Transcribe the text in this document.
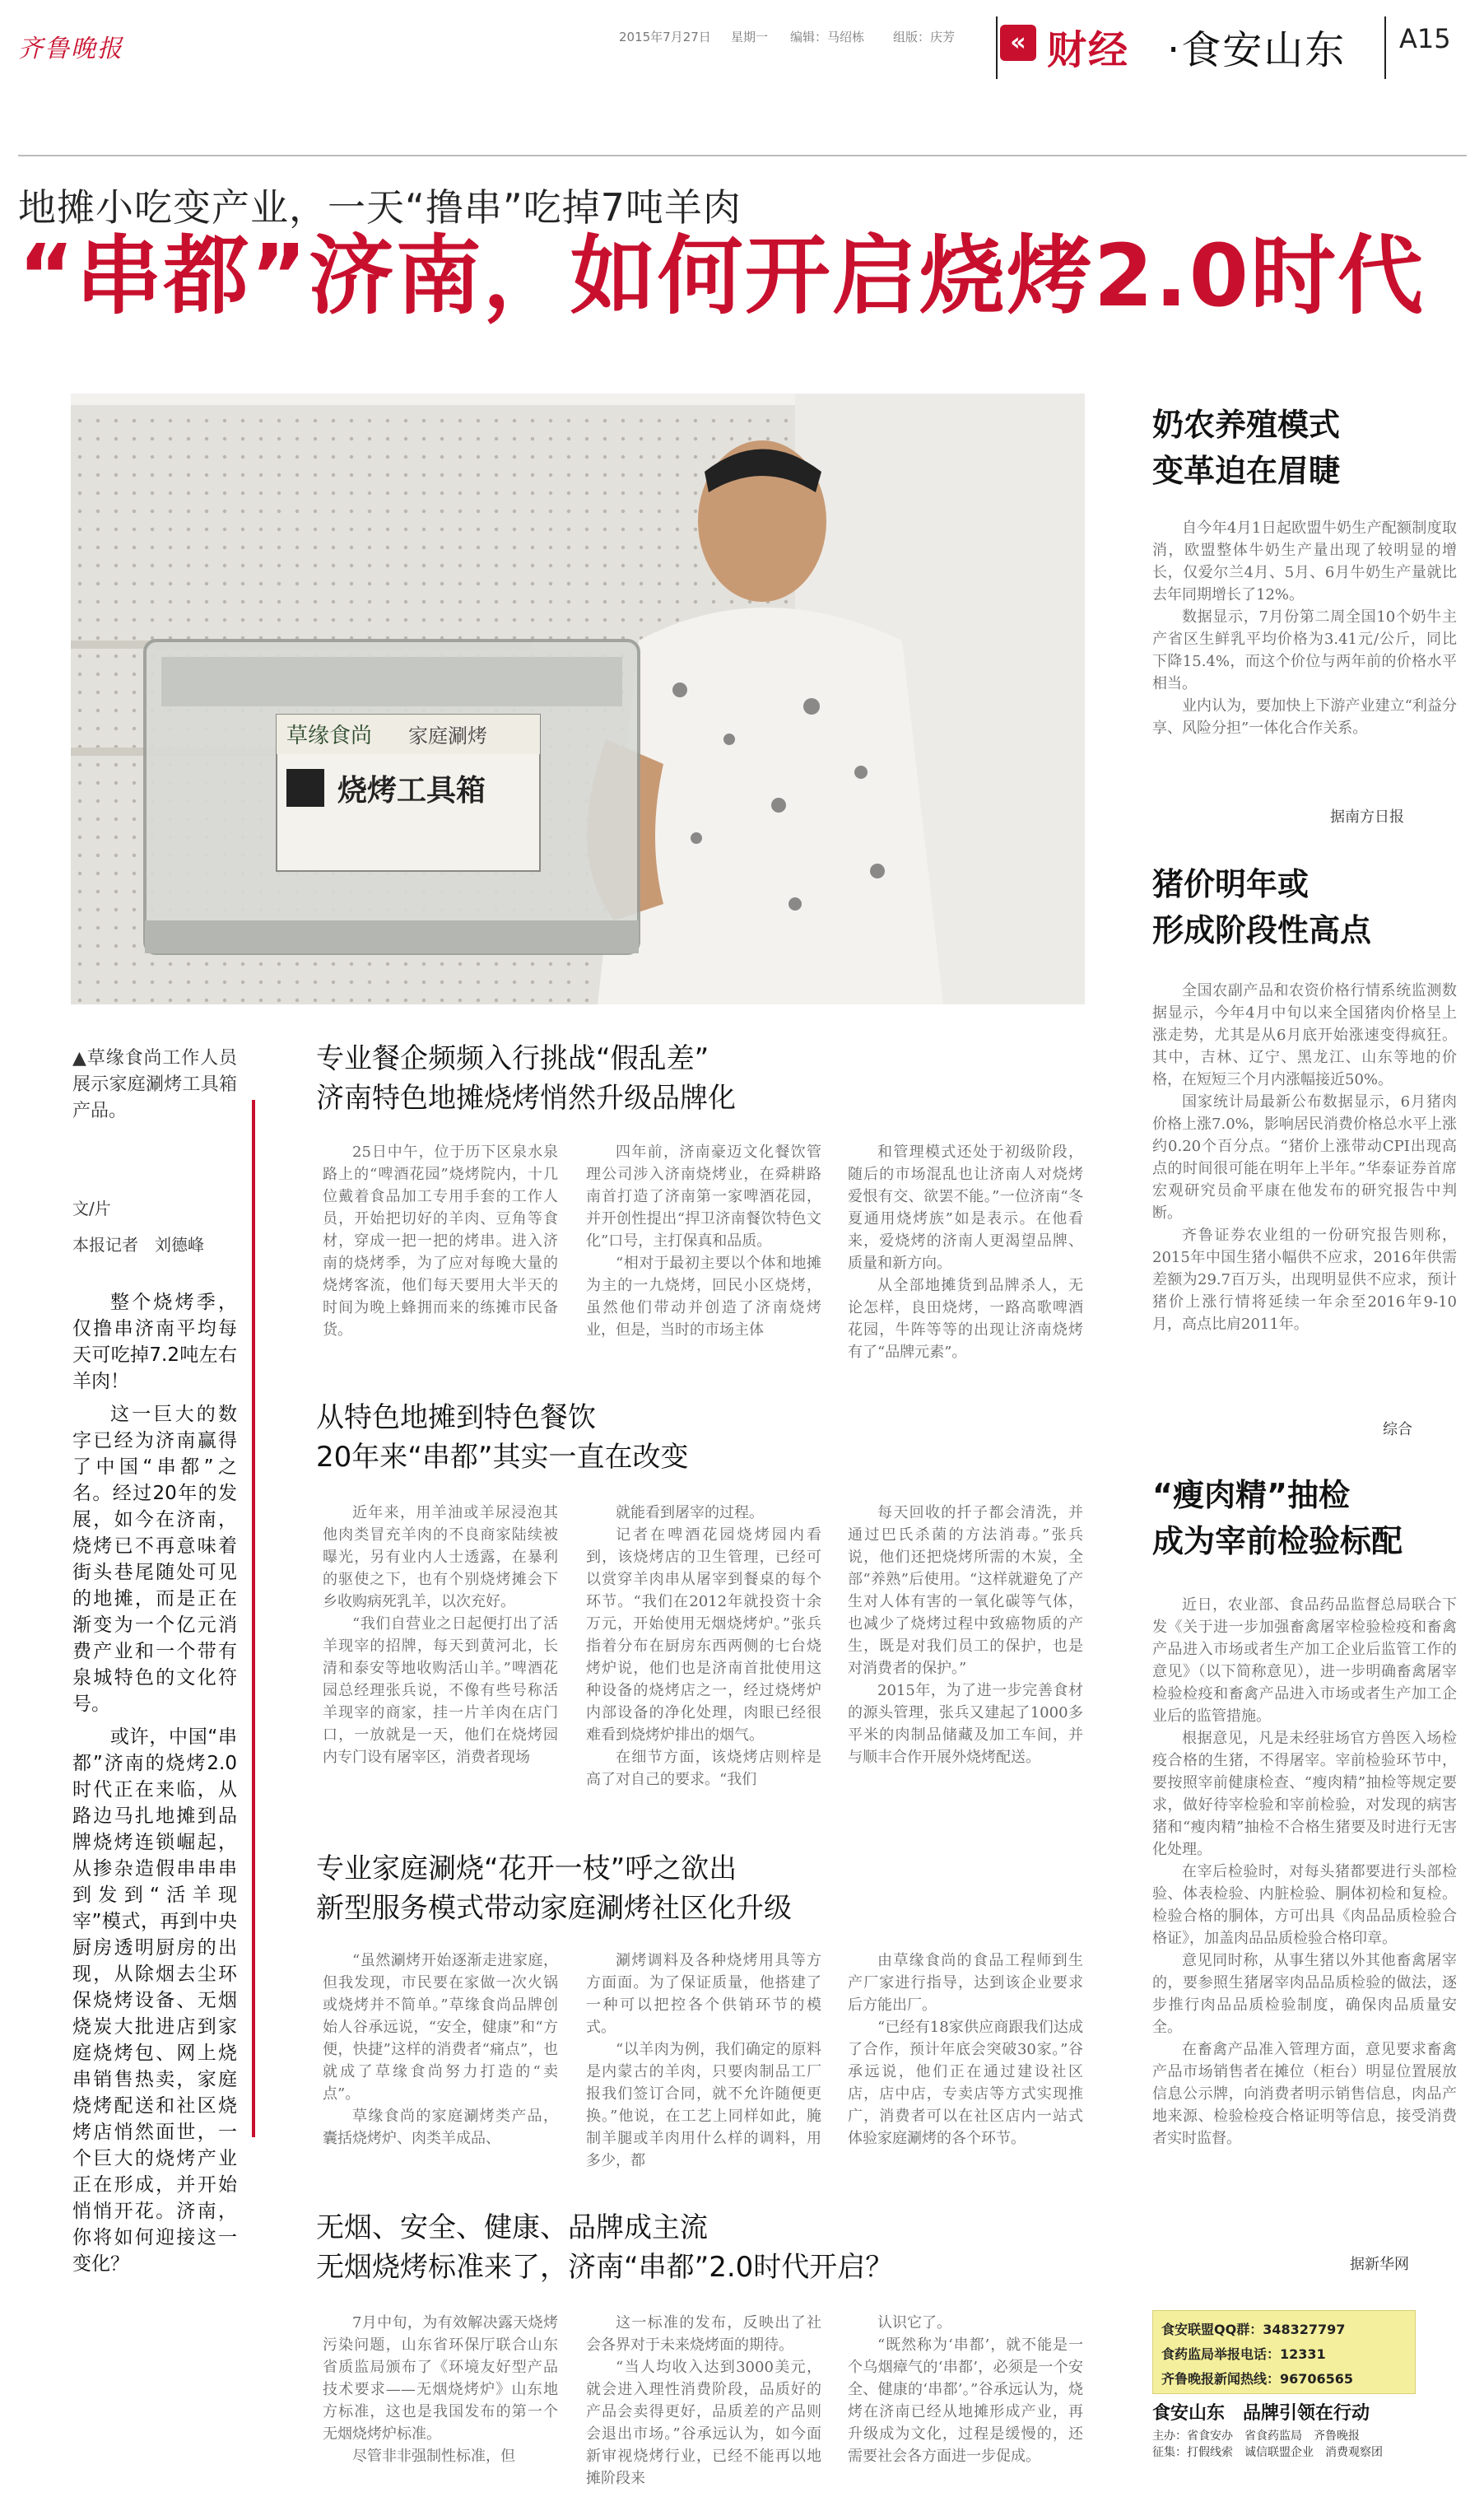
齐鲁晚报	2015年7月27日 星期一 编辑：马绍栋 组版：庆芳	« 财经 ·食安山东 A15
地摊小吃变产业，一天“撸串”吃掉7吨羊肉
“串都”济南，如何开启烧烤2.0时代
草缘食尚 家庭涮烤
烧烤工具箱
▲草缘食尚工作人员展示家庭涮烤工具箱产品。
文/片
本报记者　刘德峰

整个烧烤季，仅撸串济南平均每天可吃掉7.2吨左右羊肉！

这一巨大的数字已经为济南赢得了中国“串都”之名。经过20年的发展，如今在济南，烧烤已不再意味着街头巷尾随处可见的地摊，而是正在渐变为一个亿元消费产业和一个带有泉城特色的文化符号。

或许，中国“串都”济南的烧烤2.0时代正在来临，从路边马扎地摊到品牌烧烤连锁崛起，从掺杂造假串串串到发到“活羊现宰”模式，再到中央厨房透明厨房的出现，从除烟去尘环保烧烤设备、无烟烧炭大批进店到家庭烧烤包、网上烧串销售热卖，家庭烧烤配送和社区烧烤店悄然面世，一个巨大的烧烤产业正在形成，并开始悄悄开花。济南，你将如何迎接这一变化？

专业餐企频频入行挑战“假乱差”
济南特色地摊烧烤悄然升级品牌化

25日中午，位于历下区泉水泉路上的“啤酒花园”烧烤院内，十几位戴着食品加工专用手套的工作人员，开始把切好的羊肉、豆角等食材，穿成一把一把的烤串。进入济南的烧烤季，为了应对每晚大量的烧烤客流，他们每天要用大半天的时间为晚上蜂拥而来的练摊市民备货。

四年前，济南豪迈文化餐饮管理公司涉入济南烧烤业，在舜耕路南首打造了济南第一家啤酒花园，并开创性提出“捍卫济南餐饮特色文化”口号，主打保真和品质。

“相对于最初主要以个体和地摊为主的一九烧烤，回民小区烧烤，虽然他们带动并创造了济南烧烤业，但是，当时的市场主体

和管理模式还处于初级阶段，随后的市场混乱也让济南人对烧烤爱恨有交、欲罢不能。”一位济南“冬夏通用烧烤族”如是表示。在他看来，爱烧烤的济南人更渴望品牌、质量和新方向。

从全部地摊货到品牌杀人，无论怎样，良田烧烤，一路高歌啤酒花园，牛阵等等的出现让济南烧烤有了“品牌元素”。

从特色地摊到特色餐饮
20年来“串都”其实一直在改变

近年来，用羊油或羊尿浸泡其他肉类冒充羊肉的不良商家陆续被曝光，另有业内人士透露，在暴利的驱使之下，也有个别烧烤摊会下乡收购病死乳羊，以次充好。

“我们自营业之日起便打出了活羊现宰的招牌，每天到黄河北，长清和泰安等地收购活山羊。”啤酒花园总经理张兵说，不像有些号称活羊现宰的商家，挂一片羊肉在店门口，一放就是一天，他们在烧烤园内专门设有屠宰区，消费者现场

就能看到屠宰的过程。

记者在啤酒花园烧烤园内看到，该烧烤店的卫生管理，已经可以赏穿羊肉串从屠宰到餐桌的每个环节。“我们在2012年就投资十余万元，开始使用无烟烧烤炉。”张兵指着分布在厨房东西两侧的七台烧烤炉说，他们也是济南首批使用这种设备的烧烤店之一，经过烧烤炉内部设备的净化处理，肉眼已经很难看到烧烤炉排出的烟气。

在细节方面，该烧烤店则梓是高了对自己的要求。“我们

每天回收的扦子都会清洗，并通过巴氏杀菌的方法消毒。”张兵说，他们还把烧烤所需的木炭，全部“养熟”后使用。“这样就避免了产生对人体有害的一氧化碳等气体，也减少了烧烤过程中致癌物质的产生，既是对我们员工的保护，也是对消费者的保护。”

2015年，为了进一步完善食材的源头管理，张兵又建起了1000多平米的肉制品储藏及加工车间，并与顺丰合作开展外烧烤配送。

专业家庭涮烧“花开一枝”呼之欲出
新型服务模式带动家庭涮烤社区化升级

“虽然涮烤开始逐渐走进家庭，但我发现，市民要在家做一次火锅或烧烤并不简单。”草缘食尚品牌创始人谷承远说，“安全，健康”和“方便，快捷”这样的消费者“痛点”，也就成了草缘食尚努力打造的“卖点”。

草缘食尚的家庭涮烤类产品，囊括烧烤炉、肉类羊成品、

涮烤调料及各种烧烤用具等方方面面。为了保证质量，他搭建了一种可以把控各个供销环节的模式。

“以羊肉为例，我们确定的原料是内蒙古的羊肉，只要肉制品工厂报我们签订合同，就不允许随便更换。”他说，在工艺上同样如此，腌制羊腿或羊肉用什么样的调料，用多少，都

由草缘食尚的食品工程师到生产厂家进行指导，达到该企业要求后方能出厂。

“已经有18家供应商跟我们达成了合作，预计年底会突破30家。”谷承远说，他们正在通过建设社区店，店中店，专卖店等方式实现推广，消费者可以在社区店内一站式体验家庭涮烤的各个环节。

无烟、安全、健康、品牌成主流
无烟烧烤标准来了，济南“串都”2.0时代开启？

7月中旬，为有效解决露天烧烤污染问题，山东省环保厅联合山东省质监局颁布了《环境友好型产品技术要求——无烟烧烤炉》山东地方标准，这也是我国发布的第一个无烟烧烤炉标准。

尽管非非强制性标准，但

这一标准的发布，反映出了社会各界对于未来烧烤面的期待。

“当人均收入达到3000美元，就会进入理性消费阶段，品质好的产品会卖得更好，品质差的产品则会退出市场。”谷承远认为，如今面新审视烧烤行业，已经不能再以地摊阶段来

认识它了。

“既然称为‘串都’，就不能是一个乌烟瘴气的‘串都’，必须是一个安全、健康的‘串都’。”谷承远认为，烧烤在济南已经从地摊形成产业，再升级成为文化，过程是缓慢的，还需要社会各方面进一步促成。

奶农养殖模式
变革迫在眉睫

自今年4月1日起欧盟牛奶生产配额制度取消，欧盟整体牛奶生产量出现了较明显的增长，仅爱尔兰4月、5月、6月牛奶生产量就比去年同期增长了12%。

数据显示，7月份第二周全国10个奶牛主产省区生鲜乳平均价格为3.41元/公斤，同比下降15.4%，而这个价位与两年前的价格水平相当。

业内认为，要加快上下游产业建立“利益分享、风险分担”一体化合作关系。

据南方日报
猪价明年或
形成阶段性高点

全国农副产品和农资价格行情系统监测数据显示，今年4月中旬以来全国猪肉价格呈上涨走势，尤其是从6月底开始涨速变得疯狂。其中，吉林、辽宁、黑龙江、山东等地的价格，在短短三个月内涨幅接近50%。

国家统计局最新公布数据显示，6月猪肉价格上涨7.0%，影响居民消费价格总水平上涨约0.20个百分点。“猪价上涨带动CPI出现高点的时间很可能在明年上半年。”华泰证券首席宏观研究员俞平康在他发布的研究报告中判断。

齐鲁证券农业组的一份研究报告则称，2015年中国生猪小幅供不应求，2016年供需差额为29.7百万头，出现明显供不应求，预计猪价上涨行情将延续一年余至2016年9-10月，高点比肩2011年。

综合
“瘦肉精”抽检
成为宰前检验标配

近日，农业部、食品药品监督总局联合下发《关于进一步加强畜禽屠宰检验检疫和畜禽产品进入市场或者生产加工企业后监管工作的意见》（以下简称意见），进一步明确畜禽屠宰检验检疫和畜禽产品进入市场或者生产加工企业后的监管措施。

根据意见，凡是未经驻场官方兽医入场检疫合格的生猪，不得屠宰。宰前检验环节中，要按照宰前健康检查、“瘦肉精”抽检等规定要求，做好待宰检验和宰前检验，对发现的病害猪和“瘦肉精”抽检不合格生猪要及时进行无害化处理。

在宰后检验时，对每头猪都要进行头部检验、体表检验、内脏检验、胴体初检和复检。检验合格的胴体，方可出具《肉品品质检验合格证》，加盖肉品品质检验合格印章。

意见同时称，从事生猪以外其他畜禽屠宰的，要参照生猪屠宰肉品品质检验的做法，逐步推行肉品品质检验制度，确保肉品质量安全。

在畜禽产品准入管理方面，意见要求畜禽产品市场销售者在摊位（柜台）明显位置展放信息公示牌，向消费者明示销售信息，肉品产地来源、检验检疫合格证明等信息，接受消费者实时监督。

据新华网
食安联盟QQ群：348327797
食药监局举报电话：12331
齐鲁晚报新闻热线：96706565
食安山东　品牌引领在行动
主办：省食安办　省食药监局　齐鲁晚报
征集：打假线索　诚信联盟企业　消费观察团
